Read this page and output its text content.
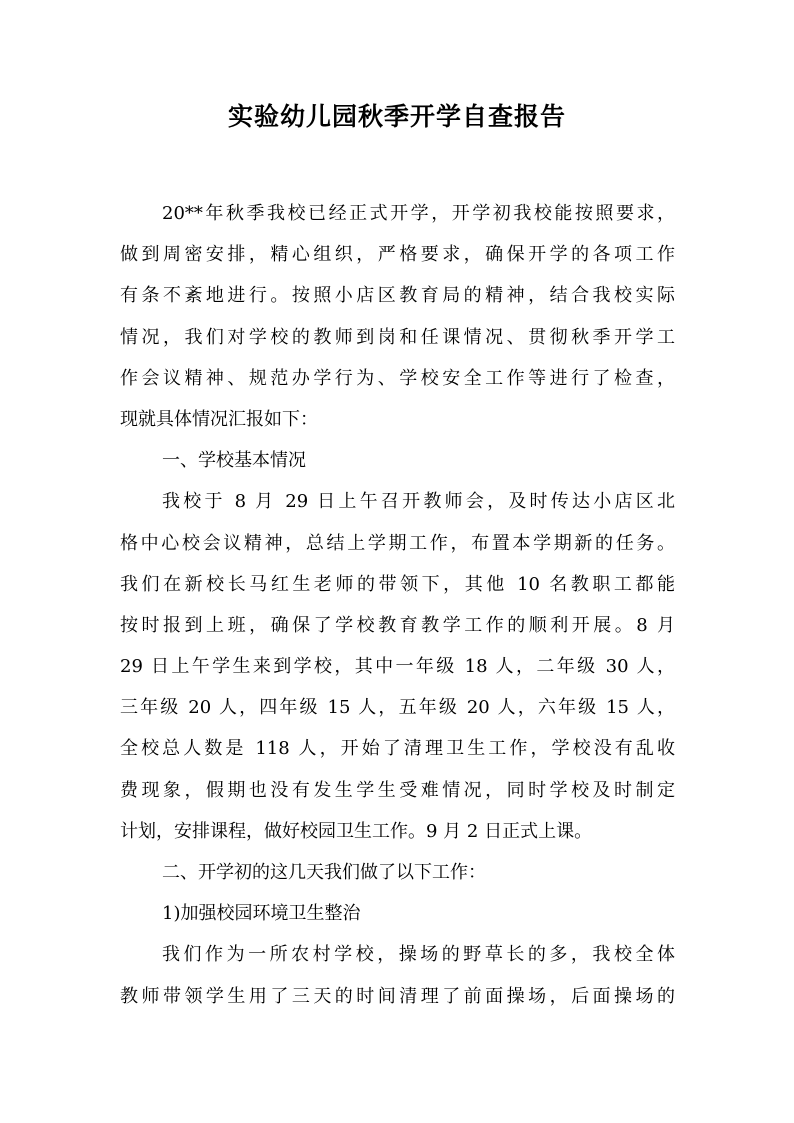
实验幼儿园秋季开学自查报告
20**年秋季我校已经正式开学，开学初我校能按照要求，
做到周密安排，精心组织，严格要求，确保开学的各项工作
有条不紊地进行。按照小店区教育局的精神，结合我校实际
情况，我们对学校的教师到岗和任课情况、贯彻秋季开学工
作会议精神、规范办学行为、学校安全工作等进行了检查，
现就具体情况汇报如下：
一、学校基本情况
我校于 8 月 29 日上午召开教师会，及时传达小店区北
格中心校会议精神，总结上学期工作，布置本学期新的任务。
我们在新校长马红生老师的带领下，其他 10 名教职工都能
按时报到上班，确保了学校教育教学工作的顺利开展。8 月
29 日上午学生来到学校，其中一年级 18 人，二年级 30 人，
三年级 20 人，四年级 15 人，五年级 20 人，六年级 15 人，
全校总人数是 118 人，开始了清理卫生工作，学校没有乱收
费现象，假期也没有发生学生受难情况，同时学校及时制定
计划，安排课程，做好校园卫生工作。9 月 2 日正式上课。
二、开学初的这几天我们做了以下工作：
1)加强校园环境卫生整治
我们作为一所农村学校，操场的野草长的多，我校全体
教师带领学生用了三天的时间清理了前面操场，后面操场的
